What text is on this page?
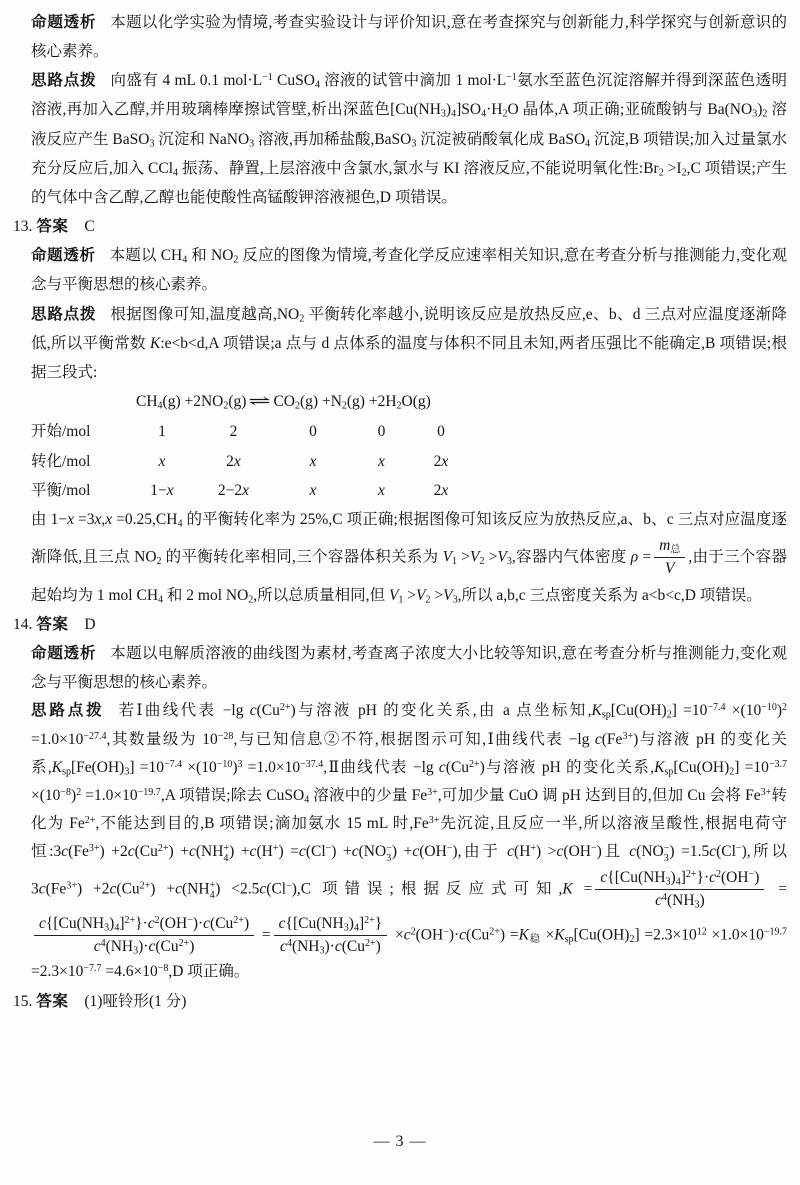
命题透析 本题以化学实验为情境,考查实验设计与评价知识,意在考查探究与创新能力,科学探究与创新意识的核心素养。
思路点拨 向盛有 4 mL 0.1 $mol\cdot L^{-1}$ CuSO$_4$ 溶液的试管中滴加 1 $mol\cdot L^{-1}$氨水至蓝色沉淀溶解并得到深蓝色透明溶液,再加入乙醇,并用玻璃棒摩擦试管壁,析出深蓝色$[Cu(NH_3)_4]SO_4\cdot H_2O$ 晶体,A 项正确;亚硫酸钠与 $Ba(NO_3)_2$ 溶液反应产生 BaSO$_3$ 沉淀和 NaNO$_3$ 溶液,再加稀盐酸,BaSO$_3$ 沉淀被硝酸氧化成 BaSO$_4$ 沉淀,B 项错误;加入过量氯水充分反应后,加入 CCl$_4$ 振荡、静置,上层溶液中含氯水,氯水与 KI 溶液反应,不能说明氧化性$:Br_2 >I_2,C$ 项错误;产生的气体中含乙醇,乙醇也能使酸性高锰酸钾溶液褪色,D 项错误。
13. 答案 C
命题透析 本题以 $CH_4$ 和 $NO_2$ 反应的图像为情境,考查化学反应速率相关知识,意在考查分析与推测能力,变化观念与平衡思想的核心素养。
思路点拨 根据图像可知,温度越高$,NO_2$ 平衡转化率越小,说明该反应是放热反应,e、b、d 三点对应温度逐渐降低,所以平衡常数 K:e<b<d,A 项错误;a 点与 d 点体系的温度与体积不同且未知,两者压强比不能确定,B 项错误;根据三段式:
$CH_4(g) +2NO_2(g)$ ⇌ $CO_2(g) +N_2(g) +2H_2O(g)$
开始/mol	1	2	0	0	0
转化/mol	x	2x	x	x	2x
平衡/mol	1−x	2−2x	x	x	2x
由 $1-x =3x,x =0.25,CH_4$ 的平衡转化率为 25%,C 项正确;根据图像可知该反应为放热反应,a、b、c 三点对应温度逐渐降低,且三点 $NO_2$ 的平衡转化率相同,三个容器体积关系为 $V_1 >V_2 >V_3$,容器内气体密度 $\rho = \frac{m_总}{V}$ ,由于三个容器起始均为 1 mol $CH_4$ 和 2 mol $NO_2$,所以总质量相同,但 $V_1 >V_2 >V_3$,所以 a,b,c 三点密度关系为 a<b<c,D 项错误。
14. 答案 D
命题透析 本题以电解质溶液的曲线图为素材,考查离子浓度大小比较等知识,意在考查分析与推测能力,变化观念与平衡思想的核心素养。
思路点拨 若Ⅰ曲线代表 −lg $c(Cu^{2+})$与溶液 pH 的变化关系,由 a 点坐标知$,K_{sp}[Cu(OH)_2] =10^{-7.4} \times(10^{-10})^2 =1.0\times 10^{-27.4}$,其数量级为 $10^{-28}$,与已知信息②不符,根据图示可知,Ⅰ曲线代表 −lg $c(Fe^{3+})$与溶液 pH 的变化关系$,K_{sp}[Fe(OH)_3] =10^{-7.4} \times(10^{-10})^3$ $=1.0\times 10^{-37.4},Ⅱ$曲线代表 −lg $c(Cu^{2+})$与溶液 pH 的变化关系$,K_{sp}[Cu(OH)_2] =10^{-3.7} \times(10^{-8})^2 =1.0\times 10^{-19.7},A$ 项错误;除去 CuSO$_4$ 溶液中的少量 $Fe^{3+}$,可加少量 CuO 调 pH 达到目的,但加 Cu 会将 $Fe^{3+}$转化为 $Fe^{2+}$,不能达到目的,B 项错误;滴加氨水 15 mL 时$,Fe^{3+}$先沉淀,且反应一半,所以溶液呈酸性,根据电荷守恒$:3c(Fe^{3+}) +2c(Cu^{2+}) +c(NH$ +
4 ) +c(H+) =c(Cl−) +c(NO −
3 ) +c(OH−),由于 c(H+) >c(OH−)且 c(NO −
3 ) =1.5c(Cl−),所以 $3c(Fe^{3+}) +2c(Cu^{2+}) +c(NH$ +
4 ) <2.5c(Cl−),C 项错误;根据反应式可知$,K = \frac{c\{[Cu(NH_3)_4]^{2+}\}\cdot c^2(OH^-)}{c^4(NH_3)}$ =
$\frac{c\{[Cu(NH_3)_4]^{2+}\}\cdot c^2(OH^-)\cdot c(Cu^{2+})}{c^4(NH_3)\cdot c(Cu^{2+})} = \frac{c\{[Cu(NH_3)_4]^{2+}\}}{c^4(NH_3)\cdot c(Cu^{2+})} \times c^2(OH^-)\cdot c(Cu^{2+}) =K_稳 \times K_{sp}[Cu(OH)_2] =2.3\times 10^{12} \times 1.0\times 10^{-19.7} =2.3\times 10^{-7.7} =4.6\times 10^{-8},D$ 项正确。
15. 答案 (1)哑铃形(1 分)
— 3 —
